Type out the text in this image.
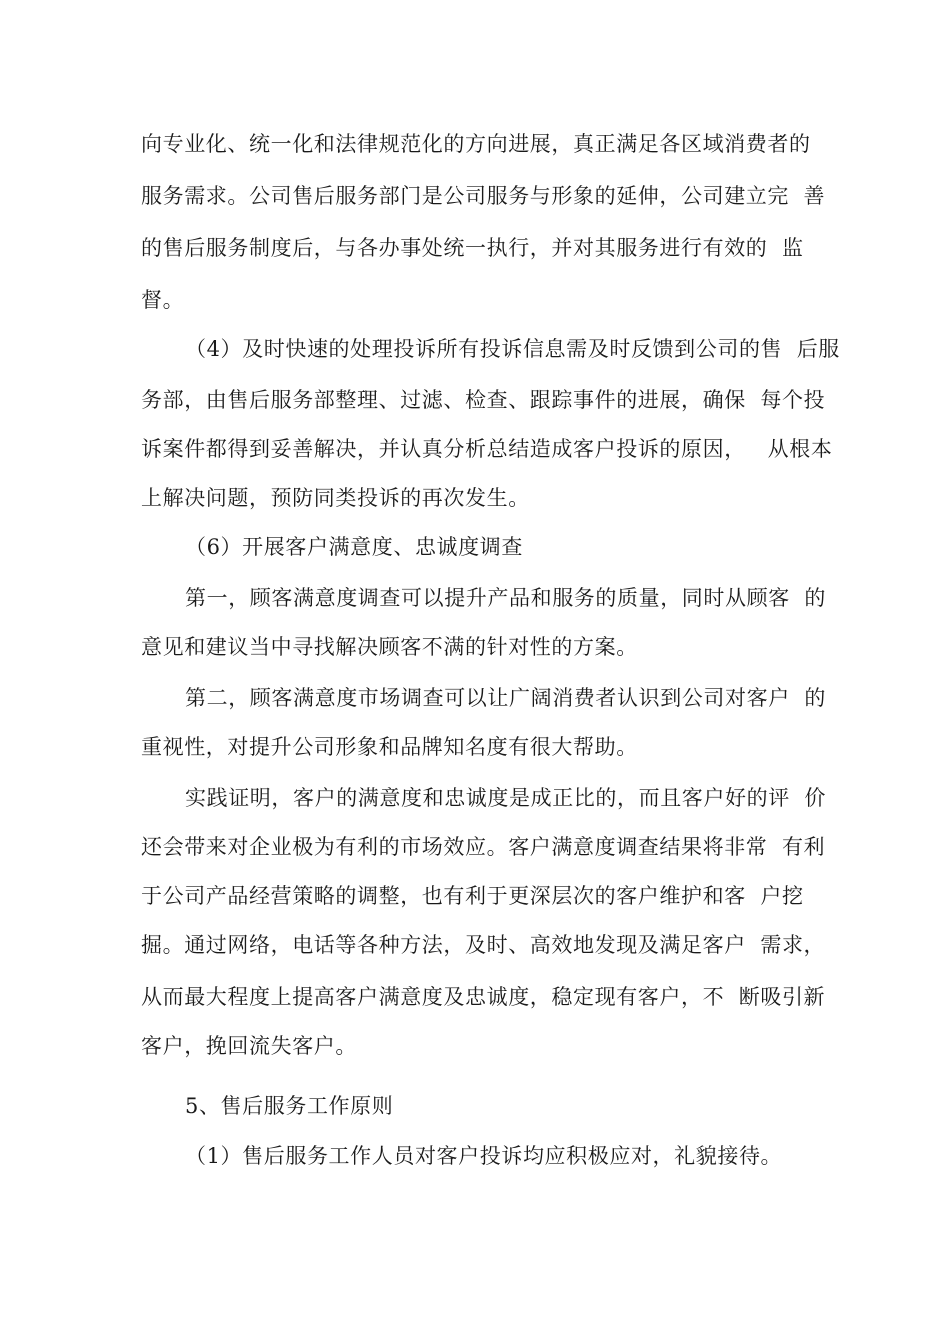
向专业化、统一化和法律规范化的方向进展，真正满足各区域消费者的
服务需求。公司售后服务部门是公司服务与形象的延伸，公司建立完  善
的售后服务制度后，与各办事处统一执行，并对其服务进行有效的  监
督。
（4）及时快速的处理投诉所有投诉信息需及时反馈到公司的售  后服
务部，由售后服务部整理、过滤、检查、跟踪事件的进展，确保  每个投
诉案件都得到妥善解决，并认真分析总结造成客户投诉的原因，   从根本
上解决问题，预防同类投诉的再次发生。
（6）开展客户满意度、忠诚度调查
第一，顾客满意度调查可以提升产品和服务的质量，同时从顾客  的
意见和建议当中寻找解决顾客不满的针对性的方案。
第二，顾客满意度市场调查可以让广阔消费者认识到公司对客户  的
重视性，对提升公司形象和品牌知名度有很大帮助。
实践证明，客户的满意度和忠诚度是成正比的，而且客户好的评  价
还会带来对企业极为有利的市场效应。客户满意度调查结果将非常  有利
于公司产品经营策略的调整，也有利于更深层次的客户维护和客  户挖
掘。通过网络，电话等各种方法，及时、高效地发现及满足客户  需求，
从而最大程度上提高客户满意度及忠诚度，稳定现有客户，不  断吸引新
客户，挽回流失客户。
5、售后服务工作原则
（1）售后服务工作人员对客户投诉均应积极应对，礼貌接待。
